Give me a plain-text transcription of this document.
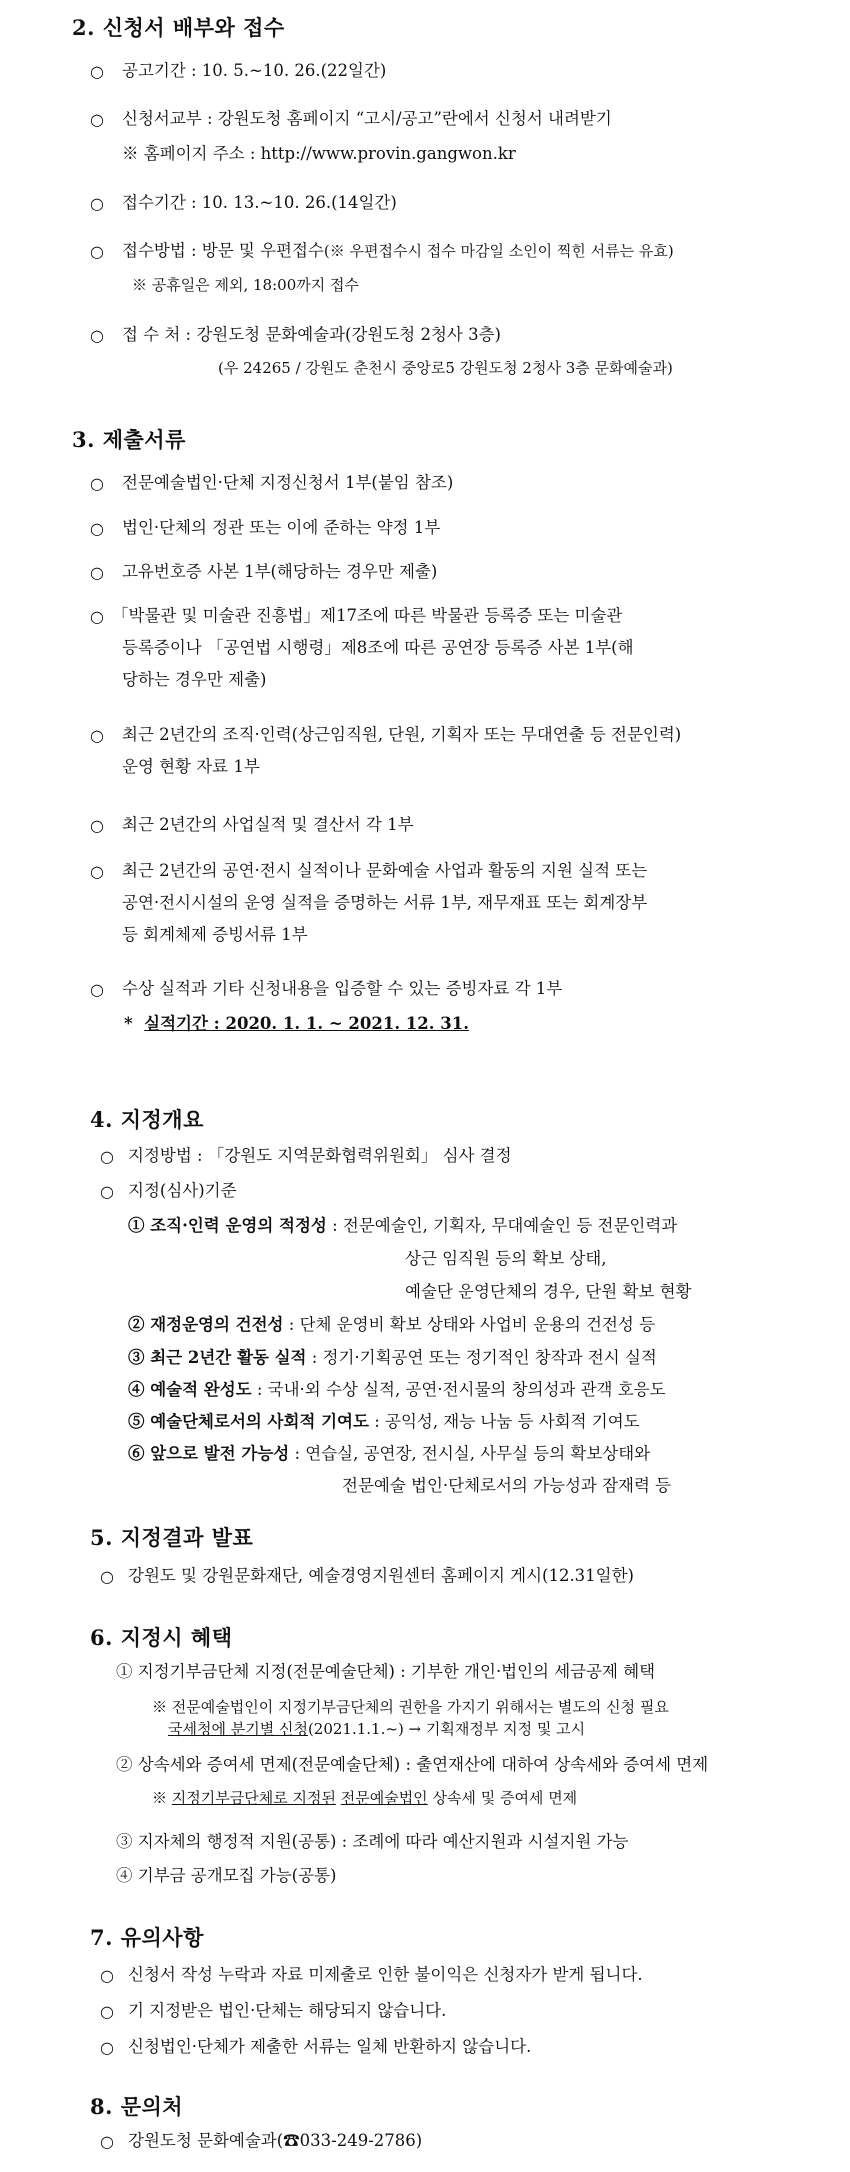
2. 신청서 배부와 접수
○ 공고기간 : 10. 5.~10. 26.(22일간)
○ 신청서교부 : 강원도청 홈페이지 “고시/공고”란에서 신청서 내려받기
※ 홈페이지 주소 : http://www.provin.gangwon.kr
○ 접수기간 : 10. 13.~10. 26.(14일간)
○ 접수방법 : 방문 및 우편접수(※ 우편접수시 접수 마감일 소인이 찍힌 서류는 유효)
※ 공휴일은 제외, 18:00까지 접수
○ 접 수 처 : 강원도청 문화예술과(강원도청 2청사 3층)
(우 24265 / 강원도 춘천시 중앙로5 강원도청 2청사 3층 문화예술과)
3. 제출서류
○ 전문예술법인·단체 지정신청서 1부(붙임 참조)
○ 법인·단체의 정관 또는 이에 준하는 약정 1부
○ 고유번호증 사본 1부(해당하는 경우만 제출)
○ 「박물관 및 미술관 진흥법」제17조에 따른 박물관 등록증 또는 미술관
등록증이나 「공연법 시행령」제8조에 따른 공연장 등록증 사본 1부(해
당하는 경우만 제출)
○ 최근 2년간의 조직·인력(상근임직원, 단원, 기획자 또는 무대연출 등 전문인력)
운영 현황 자료 1부
○ 최근 2년간의 사업실적 및 결산서 각 1부
○ 최근 2년간의 공연·전시 실적이나 문화예술 사업과 활동의 지원 실적 또는
공연·전시시설의 운영 실적을 증명하는 서류 1부, 재무재표 또는 회계장부
등 회계체제 증빙서류 1부
○ 수상 실적과 기타 신청내용을 입증할 수 있는 증빙자료 각 1부
* 실적기간 : 2020. 1. 1. ~ 2021. 12. 31.
4. 지정개요
○ 지정방법 : 「강원도 지역문화협력위원회」 심사 결정
○ 지정(심사)기준
① 조직·인력 운영의 적정성 : 전문예술인, 기획자, 무대예술인 등 전문인력과
상근 임직원 등의 확보 상태,
예술단 운영단체의 경우, 단원 확보 현황
② 재정운영의 건전성 : 단체 운영비 확보 상태와 사업비 운용의 건전성 등
③ 최근 2년간 활동 실적 : 정기·기획공연 또는 정기적인 창작과 전시 실적
④ 예술적 완성도 : 국내·외 수상 실적, 공연·전시물의 창의성과 관객 호응도
⑤ 예술단체로서의 사회적 기여도 : 공익성, 재능 나눔 등 사회적 기여도
⑥ 앞으로 발전 가능성 : 연습실, 공연장, 전시실, 사무실 등의 확보상태와
전문예술 법인·단체로서의 가능성과 잠재력 등
5. 지정결과 발표
○ 강원도 및 강원문화재단, 예술경영지원센터 홈페이지 게시(12.31일한)
6. 지정시 혜택
① 지정기부금단체 지정(전문예술단체) : 기부한 개인·법인의 세금공제 혜택
※ 전문예술법인이 지정기부금단체의 권한을 가지기 위해서는 별도의 신청 필요
국세청에 분기별 신청(2021.1.1.~) → 기획재정부 지정 및 고시
② 상속세와 증여세 면제(전문예술단체) : 출연재산에 대하여 상속세와 증여세 면제
※ 지정기부금단체로 지정된 전문예술법인 상속세 및 증여세 면제
③ 지자체의 행정적 지원(공통) : 조례에 따라 예산지원과 시설지원 가능
④ 기부금 공개모집 가능(공통)
7. 유의사항
○ 신청서 작성 누락과 자료 미제출로 인한 불이익은 신청자가 받게 됩니다.
○ 기 지정받은 법인·단체는 해당되지 않습니다.
○ 신청법인·단체가 제출한 서류는 일체 반환하지 않습니다.
8. 문의처
○ 강원도청 문화예술과(☎033-249-2786)
